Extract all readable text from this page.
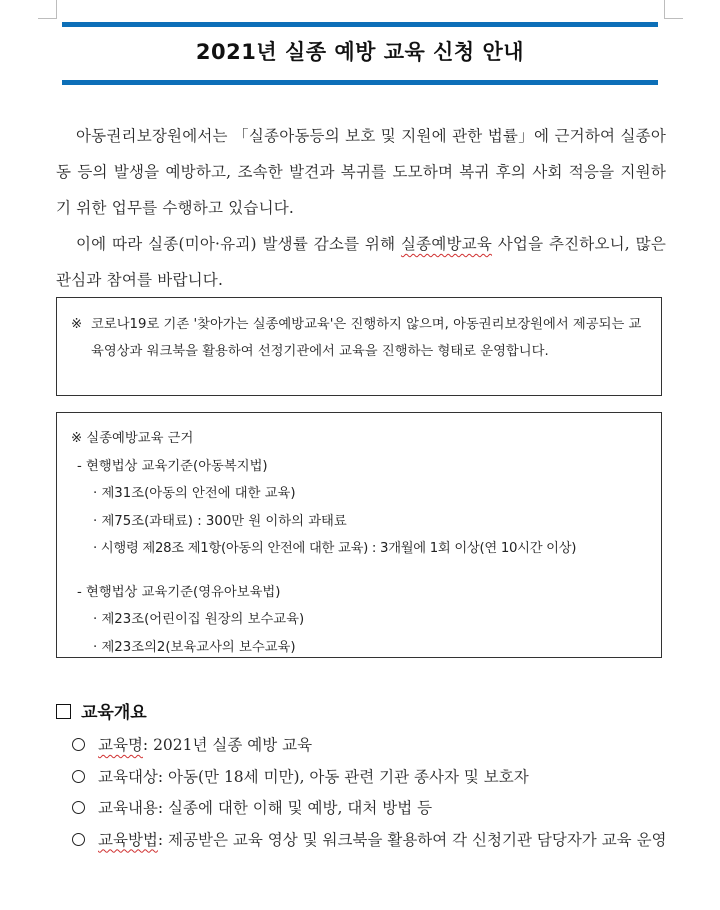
2021년 실종 예방 교육 신청 안내

아동권리보장원에서는 「실종아동등의 보호 및 지원에 관한 법률」에 근거하여 실종아동 등의 발생을 예방하고, 조속한 발견과 복귀를 도모하며 복귀 후의 사회 적응을 지원하기 위한 업무를 수행하고 있습니다.

이에 따라 실종(미아·유괴) 발생률 감소를 위해 실종예방교육 사업을 추진하오니, 많은 관심과 참여를 바랍니다.

※ 코로나19로 기존 '찾아가는 실종예방교육'은 진행하지 않으며, 아동권리보장원에서 제공되는 교육영상과 워크북을 활용하여 선정기관에서 교육을 진행하는 형태로 운영합니다.
※ 실종예방교육 근거
- 현행법상 교육기준(아동복지법)
· 제31조(아동의 안전에 대한 교육)
· 제75조(과태료) : 300만 원 이하의 과태료
· 시행령 제28조 제1항(아동의 안전에 대한 교육) : 3개월에 1회 이상(연 10시간 이상)
- 현행법상 교육기준(영유아보육법)
· 제23조(어린이집 원장의 보수교육)
· 제23조의2(보육교사의 보수교육)
교육개요
교육명: 2021년 실종 예방 교육
교육대상: 아동(만 18세 미만), 아동 관련 기관 종사자 및 보호자
교육내용: 실종에 대한 이해 및 예방, 대처 방법 등
교육방법: 제공받은 교육 영상 및 워크북을 활용하여 각 신청기관 담당자가 교육 운영
